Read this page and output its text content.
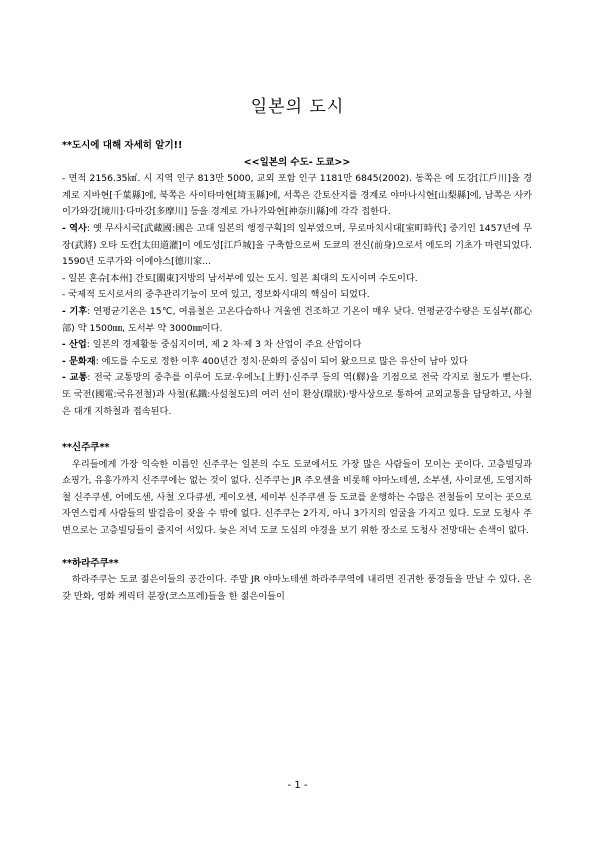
일본의 도시

**도시에 대해 자세히 알기!!

<<일본의 수도- 도쿄>>

- 면적 2156.35㎢. 시 지역 인구 813만 5000, 교외 포함 인구 1181만 6845(2002). 동쪽은 에 도강[江戶川]을 경계로 지바현[千葉縣]에, 북쪽은 사이타마현[埼玉縣]에, 서쪽은 간토산지를 경계로 야마나시현[山梨縣]에, 남쪽은 사카이가와강[境川]·다마강[多摩川] 등을 경계로 가나가와현[神奈川縣]에 각각 접한다.

- 역사: 옛 무사시국[武藏國:國은 고대 일본의 행정구획]의 일부였으며, 무로마치시대[室町時代] 중기인 1457년에 무장(武將) 오타 도칸[太田道灌]이 에도성[江戶城]을 구축함으로써 도쿄의 전신(前身)으로서 에도의 기초가 마련되었다. 1590년 도쿠가와 이에야스[德川家...

- 일본 혼슈[本州] 간토[關東]지방의 남서부에 있는 도시. 일본 최대의 도시이며 수도이다.

- 국제적 도시로서의 중추관리기능이 모여 있고, 정보화시대의 핵심이 되었다.

- 기후: 연평균기온은 15℃, 여름철은 고온다습하나 겨울엔 건조하고 기온이 매우 낮다. 연평균강수량은 도심부(都心部) 약 1500㎜, 도서부 약 3000㎜이다.

- 산업: 일본의 경제활동 중심지이며, 제 2 차·제 3 차 산업이 주요 산업이다

- 문화재: 에도를 수도로 정한 이후 400년간 정치·문화의 중심이 되어 왔으므로 많은 유산이 남아 있다

- 교통: 전국 교통망의 중추를 이루어 도쿄·우에노[上野]·신주쿠 등의 역(驛)을 기점으로 전국 각지로 철도가 뻗는다. 또 국전(國電:국유전철)과 사철(私鐵:사설철도)의 여러 선이 환상(環狀)·방사상으로 통하여 교외교통을 담당하고, 사철은 대개 지하철과 접속된다.

**신주쿠**

우리들에게 가장 익숙한 이름인 신주쿠는 일본의 수도 도쿄에서도 가장 많은 사람들이 모이는 곳이다. 고층빌딩과 쇼핑가, 유흥가까지 신주쿠에는 없는 것이 없다. 신주쿠는 JR 주오센을 비롯해 야마노테센, 소부센, 사이쿄센, 도영지하철 신주쿠센, 어에도센, 사철 오다큐센, 게이오센, 세이부 신주쿠센 등 도쿄를 운행하는 수많은 전철들이 모이는 곳으로 자연스럽게 사람들의 발걸음이 잦을 수 밖에 없다. 신주쿠는 2가지, 아니 3가지의 얼굴을 가지고 있다. 도쿄 도청사 주변으로는 고층빌딩들이 줄지어 서있다. 늦은 저녁 도쿄 도심의 야경을 보기 위한 장소로 도청사 전망대는 손색이 없다.

**하라주쿠**

하라주쿠는 도쿄 젊은이들의 공간이다. 주말 JR 야마노테센 하라주쿠역에 내리면 진귀한 풍경들을 만날 수 있다. 온갖 만화, 영화 케릭터 분장(코스프레)들을 한 젊은이들이

- 1 -
